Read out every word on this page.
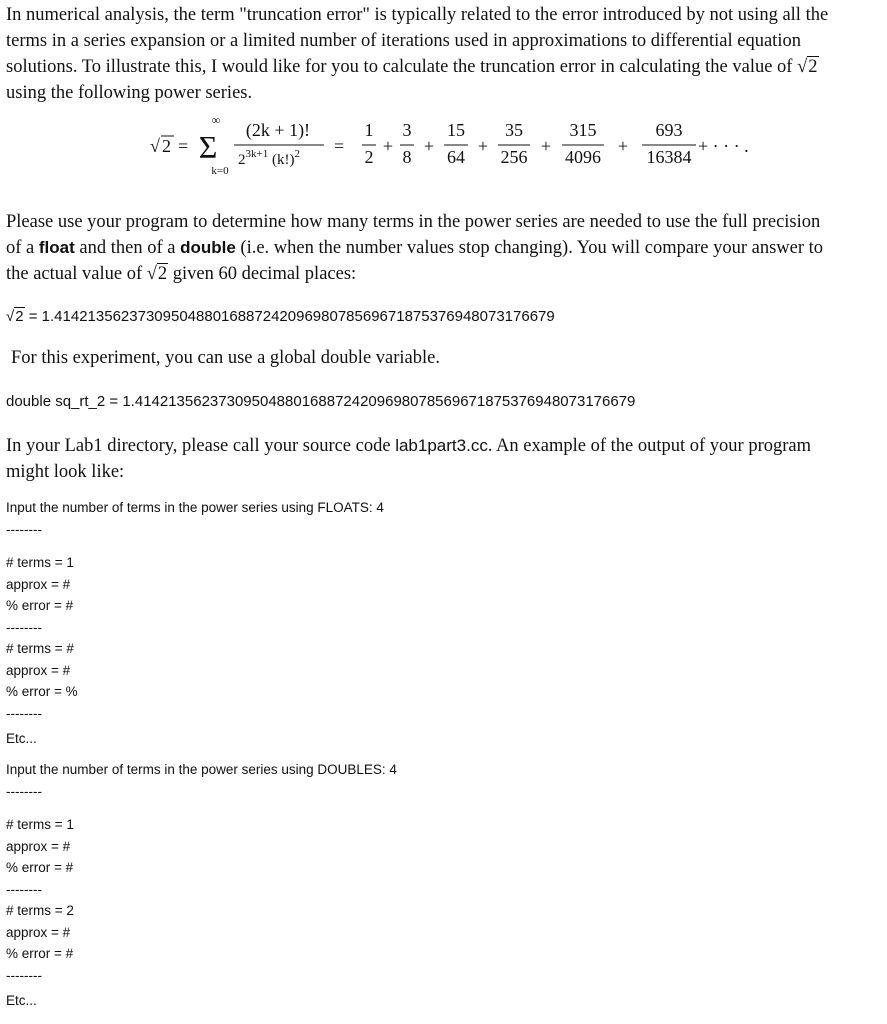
In numerical analysis, the term "truncation error" is typically related to the error introduced by not using all the
terms in a series expansion or a limited number of iterations used in approximations to differential equation
solutions. To illustrate this, I would like for you to calculate the truncation error in calculating the value of √2
using the following power series.
√ 2 =
∞
Σ
k=0
(2k + 1)!
$2^{3k+1}$ $(k!)^2$ =
1
2
+
3
8
+
15
64
+
35
256
+
315
4096
+
693
16384
+ · · · .
Please use your program to determine how many terms in the power series are needed to use the full precision
of a float and then of a double (i.e. when the number values stop changing). You will compare your answer to
the actual value of √2 given 60 decimal places:
√2 = 1.414213562373095048801688724209698078569671875376948073176679
For this experiment, you can use a global double variable.
double sq_rt_2 = 1.414213562373095048801688724209698078569671875376948073176679
In your Lab1 directory, please call your source code lab1part3.cc. An example of the output of your program
might look like:
Input the number of terms in the power series using FLOATS: 4
--------
# terms = 1
approx = #
% error = #
--------
# terms = #
approx = #
% error = %
--------
Etc...
Input the number of terms in the power series using DOUBLES: 4
--------
# terms = 1
approx = #
% error = #
--------
# terms = 2
approx = #
% error = #
--------
Etc...
